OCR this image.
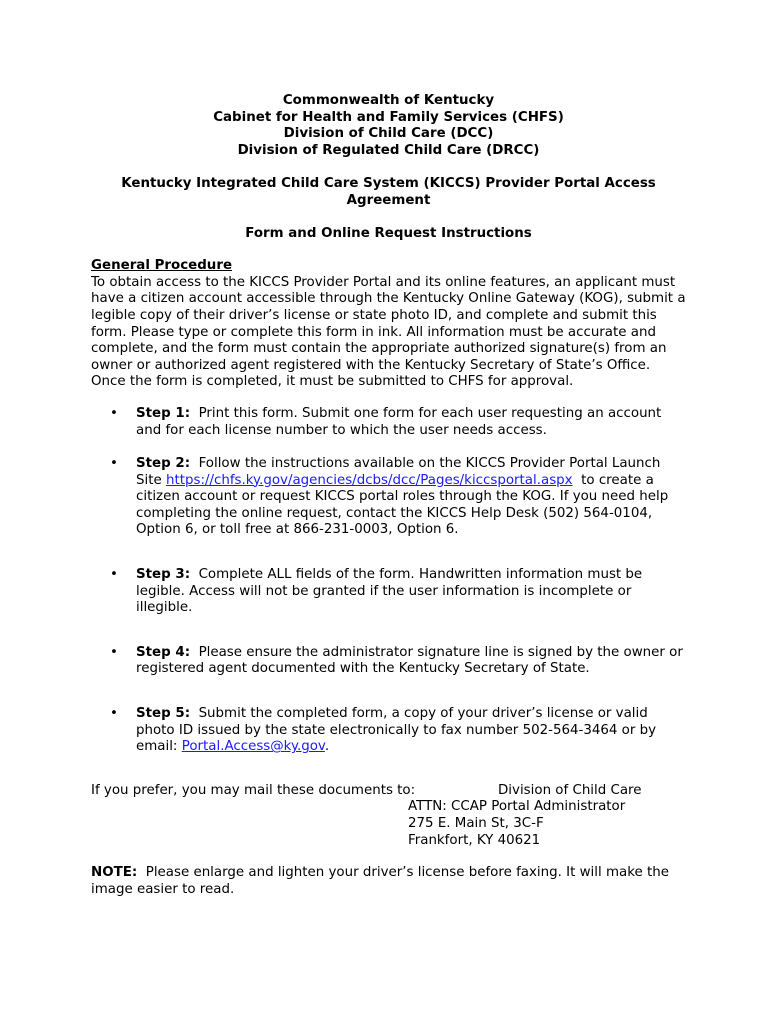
Commonwealth of Kentucky
Cabinet for Health and Family Services (CHFS)
Division of Child Care (DCC)
Division of Regulated Child Care (DRCC)
Kentucky Integrated Child Care System (KICCS) Provider Portal Access Agreement
Form and Online Request Instructions
General Procedure

To obtain access to the KICCS Provider Portal and its online features, an applicant must have a citizen account accessible through the Kentucky Online Gateway (KOG), submit a legible copy of their driver’s license or state photo ID, and complete and submit this form. Please type or complete this form in ink. All information must be accurate and complete, and the form must contain the appropriate authorized signature(s) from an owner or authorized agent registered with the Kentucky Secretary of State’s Office. Once the form is completed, it must be submitted to CHFS for approval.

• Step 1: Print this form. Submit one form for each user requesting an account and for each license number to which the user needs access.
• Step 2: Follow the instructions available on the KICCS Provider Portal Launch Site https://chfs.ky.gov/agencies/dcbs/dcc/Pages/kiccsportal.aspx to create a citizen account or request KICCS portal roles through the KOG. If you need help completing the online request, contact the KICCS Help Desk (502) 564-0104, Option 6, or toll free at 866-231-0003, Option 6.
• Step 3: Complete ALL fields of the form. Handwritten information must be legible. Access will not be granted if the user information is incomplete or illegible.
• Step 4: Please ensure the administrator signature line is signed by the owner or registered agent documented with the Kentucky Secretary of State.
• Step 5: Submit the completed form, a copy of your driver’s license or valid photo ID issued by the state electronically to fax number 502-564-3464 or by email: Portal.Access@ky.gov.
If you prefer, you may mail these documents to:	Division of Child Care
ATTN: CCAP Portal Administrator
275 E. Main St, 3C-F
Frankfort, KY 40621
NOTE: Please enlarge and lighten your driver’s license before faxing. It will make the image easier to read.
